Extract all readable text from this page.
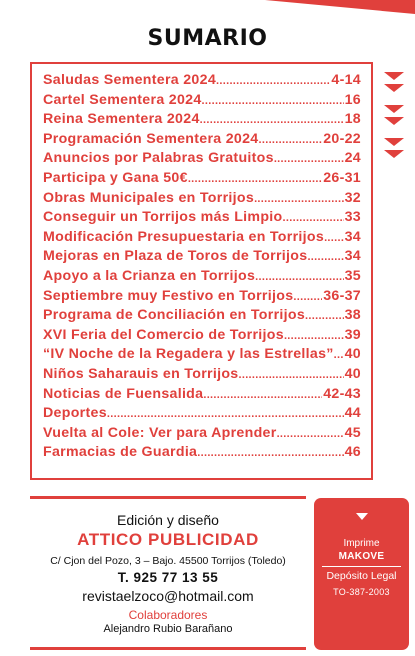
SUMARIO
Saludas Sementera 2024 .....	4-14
Cartel Sementera 2024 .....	16
Reina Sementera 2024 .....	18
Programación Sementera 2024 .....	20-22
Anuncios por Palabras Gratuitos .....	24
Participa y Gana 50€ .....	26-31
Obras Municipales en Torrijos .....	32
Conseguir un Torrijos más Limpio .....	33
Modificación Presupuestaria en Torrijos ..... 34
Mejoras en Plaza de Toros de Torrijos .....	34
Apoyo a la Crianza en Torrijos .....	35
Septiembre muy Festivo en Torrijos ..... 36-37
Programa de Conciliación en Torrijos .....	38
XVI Feria del Comercio de Torrijos .....	39
“IV Noche de la Regadera y las Estrellas” ..... 40
Niños Saharauis en Torrijos .....	40
Noticias de Fuensalida .....	42-43
Deportes .....	44
Vuelta al Cole: Ver para Aprender .....	45
Farmacias de Guardia .....	46
Edición y diseño
ATTICO PUBLICIDAD
C/ Cjon del Pozo, 3 – Bajo. 45500 Torrijos (Toledo)
T. 925 77 13 55
revistaelzoco@hotmail.com
Colaboradores
Alejandro Rubio Barañano
Imprime
MAKOVE
Depósito Legal
TO-387-2003
